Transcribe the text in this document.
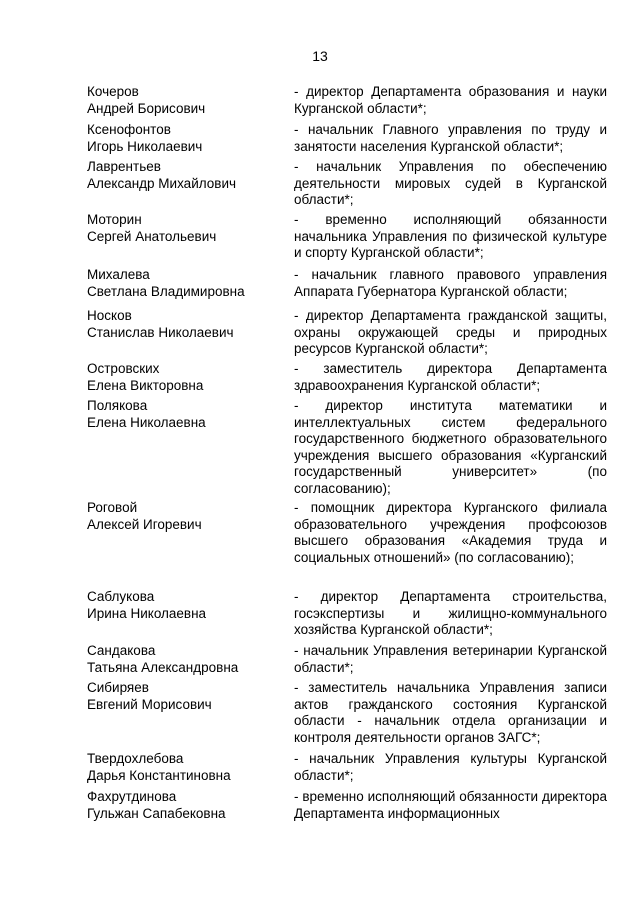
13
Кочеров
Андрей Борисович
- директор Департамента образования и науки Курганской области*;
Ксенофонтов
Игорь Николаевич
- начальник Главного управления по труду и занятости населения Курганской области*;
Лаврентьев
Александр Михайлович
- начальник Управления по обеспечению деятельности мировых судей в Курганской области*;
Моторин
Сергей Анатольевич
- временно исполняющий обязанности начальника Управления по физической культуре и спорту Курганской области*;
Михалева
Светлана Владимировна
- начальник главного правового управления Аппарата Губернатора Курганской области;
Носков
Станислав Николаевич
- директор Департамента гражданской защиты, охраны окружающей среды и природных ресурсов Курганской области*;
Островских
Елена Викторовна
- заместитель директора Департамента здравоохранения Курганской области*;
Полякова
Елена Николаевна
- директор института математики и интеллектуальных систем федерального государственного бюджетного образовательного учреждения высшего образования «Курганский государственный университет» (по согласованию);
Роговой
Алексей Игоревич
- помощник директора Курганского филиала образовательного учреждения профсоюзов высшего образования «Академия труда и социальных отношений» (по согласованию);
Саблукова
Ирина Николаевна
- директор Департамента строительства, госэкспертизы и жилищно-коммунального хозяйства Курганской области*;
Сандакова
Татьяна Александровна
- начальник Управления ветеринарии Курганской области*;
Сибиряев
Евгений Морисович
- заместитель начальника Управления записи актов гражданского состояния Курганской области - начальник отдела организации и контроля деятельности органов ЗАГС*;
Твердохлебова
Дарья Константиновна
- начальник Управления культуры Курганской области*;
Фахрутдинова
Гульжан Сапабековна
- временно исполняющий обязанности директора Департамента информационных
